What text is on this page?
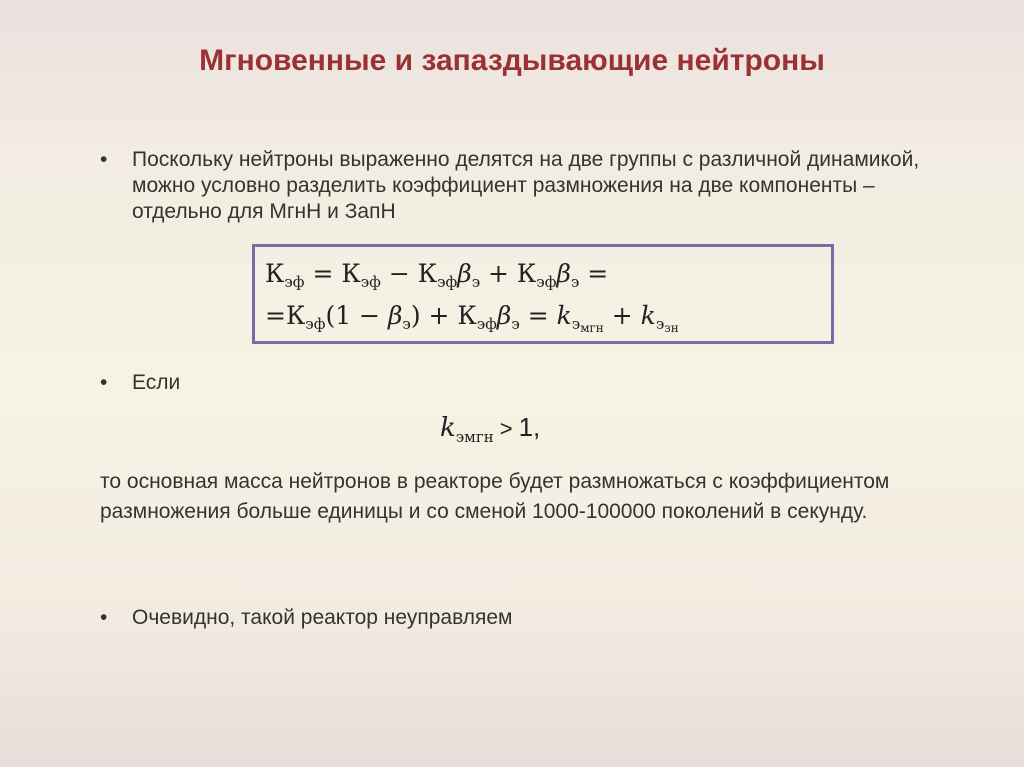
Мгновенные и запаздывающие нейтроны
•	Поскольку нейтроны выраженно делятся на две группы с различной динамикой, можно условно разделить коэффициент размножения на две компоненты – отдельно для МгнН и ЗапН
$К_{эф} = К_{эф} - К_{эф}\beta_э + К_{эф}\beta_э$ =
$=К_{эф}(1 - \beta_э) + К_{эф}\beta_э = k_{э_{мгн}} + k_{э_{зн}}$
•	Если
$k_{эмгн} > 1$,
то основная масса нейтронов в реакторе будет размножаться с коэффициентом размножения больше единицы и со сменой 1000-100000 поколений в секунду.
•	Очевидно, такой реактор неуправляем
